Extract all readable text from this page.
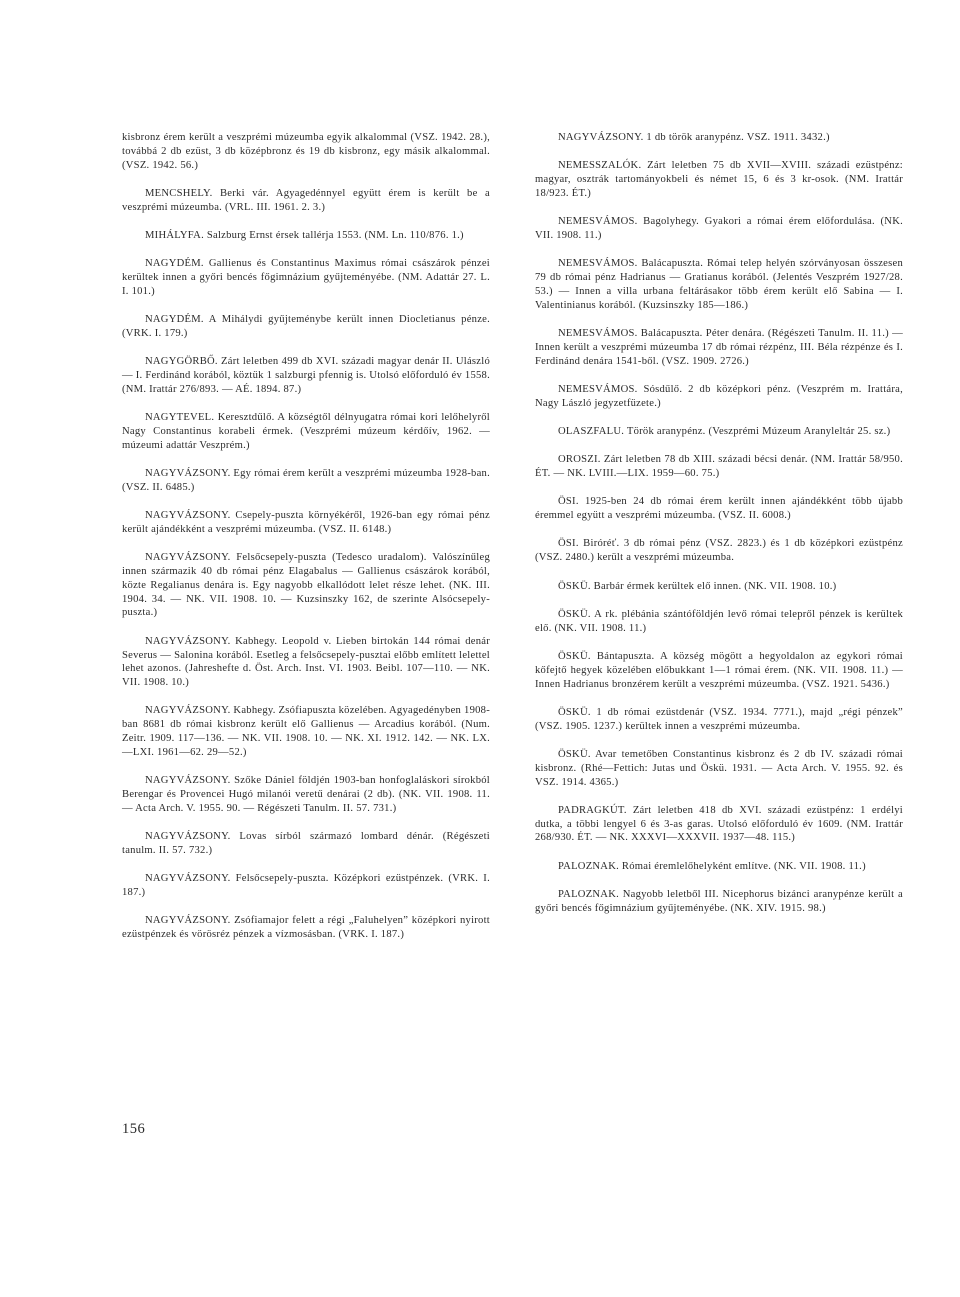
kisbronz érem került a veszprémi múzeumba egyik alkalommal (VSZ. 1942. 28.), továbbá 2 db ezüst, 3 db középbronz és 19 db kisbronz, egy másik alkalommal. (VSZ. 1942. 56.)

MENCSHELY. Berki vár. Agyagedénnyel együtt érem is került be a veszprémi múzeumba. (VRL. III. 1961. 2. 3.)

MIHÁLYFA. Salzburg Ernst érsek tallérja 1553. (NM. Ln. 110/876. 1.)

NAGYDÉM. Gallienus és Constantinus Maximus római császárok pénzei kerültek innen a győri bencés főgimnázium gyűjteményébe. (NM. Adattár 27. L. I. 101.)

NAGYDÉM. A Mihálydi gyűjteménybe került innen Diocletianus pénze. (VRK. I. 179.)

NAGYGÖRBŐ. Zárt leletben 499 db XVI. századi magyar denár II. Ulászló — I. Ferdinánd korából, köztük 1 salzburgi pfennig is. Utolsó előforduló év 1558. (NM. Irattár 276/893. — AÉ. 1894. 87.)

NAGYTEVEL. Keresztdűlő. A községtől délnyugatra római kori lelőhelyről Nagy Constantinus korabeli érmek. (Veszprémi múzeum kérdőív, 1962. — múzeumi adattár Veszprém.)

NAGYVÁZSONY. Egy római érem került a veszprémi múzeumba 1928-ban. (VSZ. II. 6485.)

NAGYVÁZSONY. Csepely-puszta környékéről, 1926-ban egy római pénz került ajándékként a veszprémi múzeumba. (VSZ. II. 6148.)

NAGYVÁZSONY. Felsőcsepely-puszta (Tedesco uradalom). Valószínűleg innen származik 40 db római pénz Elagabalus — Gallienus császárok korából, közte Regalianus denára is. Egy nagyobb elkallódott lelet része lehet. (NK. III. 1904. 34. — NK. VII. 1908. 10. — Kuzsinszky 162, de szerinte Alsócsepely-puszta.)

NAGYVÁZSONY. Kabhegy. Leopold v. Lieben birtokán 144 római denár Severus — Salonina korából. Esetleg a felsőcsepely-pusztai előbb említett lelettel lehet azonos. (Jahreshefte d. Öst. Arch. Inst. VI. 1903. Beibl. 107—110. — NK. VII. 1908. 10.)

NAGYVÁZSONY. Kabhegy. Zsófiapuszta közelében. Agyagedényben 1908-ban 8681 db római kisbronz került elő Gallienus — Arcadius korából. (Num. Zeitr. 1909. 117—136. — NK. VII. 1908. 10. — NK. XI. 1912. 142. — NK. LX.—LXI. 1961—62. 29—52.)

NAGYVÁZSONY. Szőke Dániel földjén 1903-ban honfoglaláskori sírokból Berengar és Provencei Hugó milanói veretű denárai (2 db). (NK. VII. 1908. 11. — Acta Arch. V. 1955. 90. — Régészeti Tanulm. II. 57. 731.)

NAGYVÁZSONY. Lovas sírból származó lombard dénár. (Régészeti tanulm. II. 57. 732.)

NAGYVÁZSONY. Felsőcsepely-puszta. Középkori ezüstpénzek. (VRK. I. 187.)

NAGYVÁZSONY. Zsófiamajor felett a régi „Faluhelyen” középkori nyirott ezüstpénzek és vörösréz pénzek a vízmosásban. (VRK. I. 187.)

NAGYVÁZSONY. 1 db török aranypénz. VSZ. 1911. 3432.)

NEMESSZALÓK. Zárt leletben 75 db XVII—XVIII. századi ezüstpénz: magyar, osztrák tartományokbeli és német 15, 6 és 3 kr-osok. (NM. Irattár 18/923. ÉT.)

NEMESVÁMOS. Bagolyhegy. Gyakori a római érem előfordulása. (NK. VII. 1908. 11.)

NEMESVÁMOS. Balácapuszta. Római telep helyén szórványosan összesen 79 db római pénz Hadrianus — Gratianus korából. (Jelentés Veszprém 1927/28. 53.) — Innen a villa urbana feltárásakor több érem került elő Sabina — I. Valentinianus korából. (Kuzsinszky 185—186.)

NEMESVÁMOS. Balácapuszta. Péter denára. (Régészeti Tanulm. II. 11.) — Innen került a veszprémi múzeumba 17 db római rézpénz, III. Béla rézpénze és I. Ferdinánd denára 1541-ből. (VSZ. 1909. 2726.)

NEMESVÁMOS. Sósdűlő. 2 db középkori pénz. (Veszprém m. Irattára, Nagy László jegyzetfüzete.)

OLASZFALU. Török aranypénz. (Veszprémi Múzeum Aranyleltár 25. sz.)

OROSZI. Zárt leletben 78 db XIII. századi bécsi denár. (NM. Irattár 58/950. ÉT. — NK. LVIII.—LIX. 1959—60. 75.)

ÖSI. 1925-ben 24 db római érem került innen ajándékként több újabb éremmel együtt a veszprémi múzeumba. (VSZ. II. 6008.)

ÖSI. Biróréť. 3 db római pénz (VSZ. 2823.) és 1 db középkori ezüstpénz (VSZ. 2480.) került a veszprémi múzeumba.

ÖSKÜ. Barbár érmek kerültek elő innen. (NK. VII. 1908. 10.)

ÖSKÜ. A rk. plébánia szántóföldjén levő római telepről pénzek is kerültek elő. (NK. VII. 1908. 11.)

ÖSKÜ. Bántapuszta. A község mögött a hegyoldalon az egykori római kőfejtő hegyek közelében előbukkant 1—1 római érem. (NK. VII. 1908. 11.) — Innen Hadrianus bronzérem került a veszprémi múzeumba. (VSZ. 1921. 5436.)

ÖSKÜ. 1 db római ezüstdenár (VSZ. 1934. 7771.), majd „régi pénzek” (VSZ. 1905. 1237.) kerültek innen a veszprémi múzeumba.

ÖSKÜ. Avar temetőben Constantinus kisbronz és 2 db IV. századi római kisbronz. (Rhé—Fettich: Jutas und Öskü. 1931. — Acta Arch. V. 1955. 92. és VSZ. 1914. 4365.)

PADRAGKÚT. Zárt leletben 418 db XVI. századi ezüstpénz: 1 erdélyi dutka, a többi lengyel 6 és 3-as garas. Utolsó előforduló év 1609. (NM. Irattár 268/930. ÉT. — NK. XXXVI—XXXVII. 1937—48. 115.)

PALOZNAK. Római éremlelőhelyként említve. (NK. VII. 1908. 11.)

PALOZNAK. Nagyobb leletből III. Nicephorus bizánci aranypénze került a győri bencés főgimnázium gyűjteményébe. (NK. XIV. 1915. 98.)

156
